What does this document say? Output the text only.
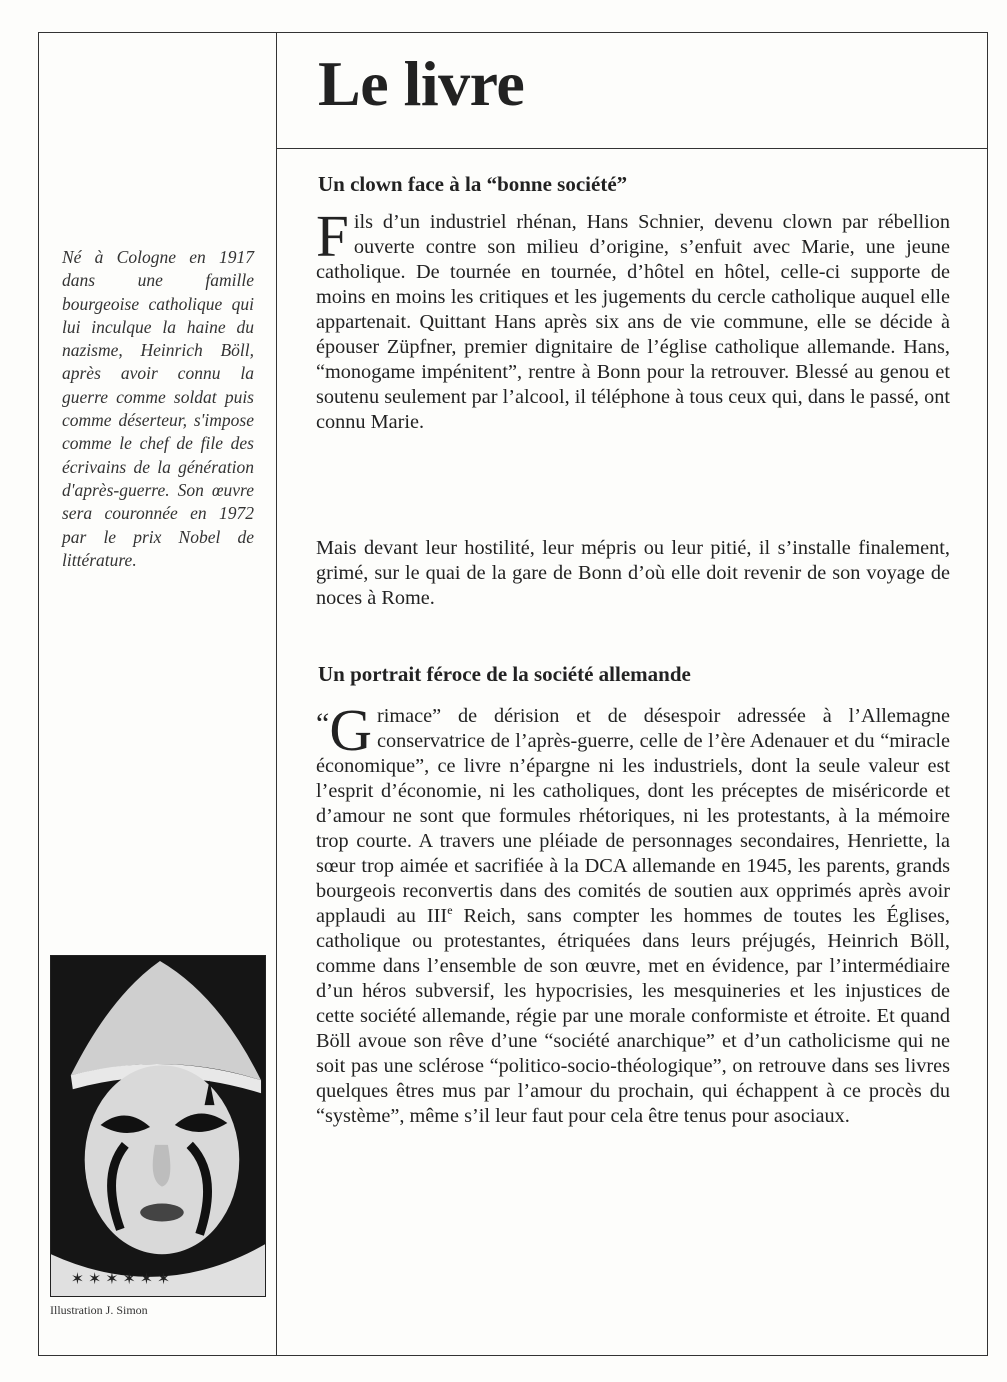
Le livre

Né à Cologne en 1917 dans une famille bourgeoise catholique qui lui inculque la haine du nazisme, Heinrich Böll, après avoir connu la guerre comme soldat puis comme déserteur, s'impose comme le chef de file des écrivains de la génération d'après-guerre. Son œuvre sera couronnée en 1972 par le prix Nobel de littérature.

✶ ✶ ✶ ✶ ✶ ✶

Illustration J. Simon

Un clown face à la “bonne société”

Fils d’un industriel rhénan, Hans Schnier, devenu clown par rébellion ouverte contre son milieu d’origine, s’enfuit avec Marie, une jeune catholique. De tournée en tournée, d’hôtel en hôtel, celle-ci supporte de moins en moins les critiques et les jugements du cercle catholique auquel elle appartenait. Quittant Hans après six ans de vie commune, elle se décide à épouser Züpfner, premier dignitaire de l’église catholique allemande. Hans, “monogame impénitent”, rentre à Bonn pour la retrouver. Blessé au genou et soutenu seulement par l’alcool, il téléphone à tous ceux qui, dans le passé, ont connu Marie.

Mais devant leur hostilité, leur mépris ou leur pitié, il s’installe finalement, grimé, sur le quai de la gare de Bonn d’où elle doit revenir de son voyage de noces à Rome.

Un portrait féroce de la société allemande

“ G rimace” de dérision et de désespoir adressée à l’Allemagne conservatrice de l’après-guerre, celle de l’ère Adenauer et du “miracle économique”, ce livre n’épargne ni les industriels, dont la seule valeur est l’esprit d’économie, ni les catholiques, dont les préceptes de miséricorde et d’amour ne sont que formules rhétoriques, ni les protestants, à la mémoire trop courte. A travers une pléiade de personnages secondaires, Henriette, la sœur trop aimée et sacrifiée à la DCA allemande en 1945, les parents, grands bourgeois reconvertis dans des comités de soutien aux opprimés après avoir applaudi au IIIe Reich, sans compter les hommes de toutes les Églises, catholique ou protestantes, étriquées dans leurs préjugés, Heinrich Böll, comme dans l’ensemble de son œuvre, met en évidence, par l’intermédiaire d’un héros subversif, les hypocrisies, les mesquineries et les injustices de cette société allemande, régie par une morale conformiste et étroite. Et quand Böll avoue son rêve d’une “société anarchique” et d’un catholicisme qui ne soit pas une sclérose “politico-socio-théologique”, on retrouve dans ses livres quelques êtres mus par l’amour du prochain, qui échappent à ce procès du “système”, même s’il leur faut pour cela être tenus pour asociaux.
